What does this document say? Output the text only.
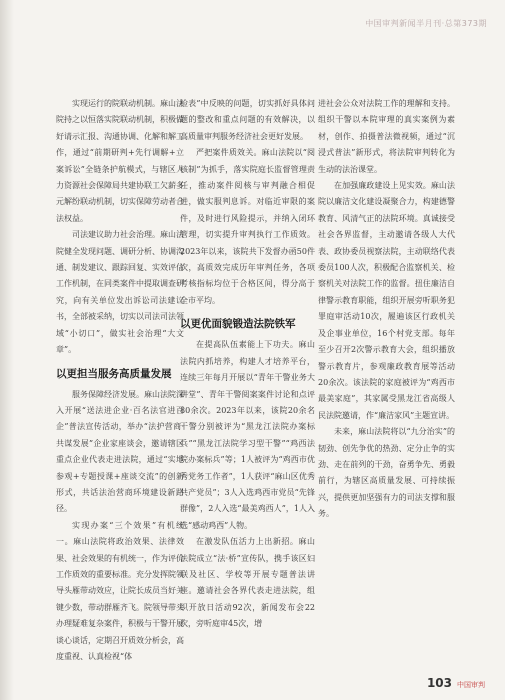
中国审判新闻半月刊·总第373期

实现运行的院联动机制。麻山法院持之以恒落实院联动机制，积极做好请示汇报、沟通协调、化解和解工作，通过“前期研判+先行调解+立案诉讼”全链条护航模式，与辖区人力资源社会保障局共建协联工欠薪多元解纷联动机制，切实保障劳动者合法权益。

司法建议助力社会治理。麻山法院健全发现问题、调研分析、协调沟通、制发建议、跟踪回复、实效评估工作机制，在同类案件中提取调查研究，向有关单位发出诉讼司法建议书，全部被采纳，切实以司法司法领域“小切口”，做实社会治理“大文章”。

以更担当服务高质量发展

服务保障经济发展。麻山法院深入开展“送法进企业·百名法官进百企”普法宣传活动，举办“法护营商·共谋发展”企业家座谈会，邀请辖区重点企业代表走进法院，通过“实地参观+专题授课+座谈交流”的创新形式，共话法治营商环境建设新路径。

实现办案“三个效果”有机统一。麻山法院将政治效果、法律效果、社会效果的有机统一，作为评价工作质效的重要标准。充分发挥院领导头雁带动效应，让院长成员当好关键少数，带动群雁齐飞。院领导带头办理疑难复杂案件，积极与干警开展谈心谈话，定期召开质效分析会，高度重视、认真检视“体

检表”中反映的问题，切实抓好具体问题的整改和重点问题的有效解决，以高质量审判服务经济社会更好发展。

严把案件质效关。麻山法院以“阅核制”为抓手，落实院庭长监督管理责任，推动案件阅核与审判融合相促进，做实服判息诉。对临近审限的案件，及时进行风险提示，并纳入闭环管理，切实提升审判执行工作质效。2023年以来，该院共下发督办函50件次，高质效完成历年审判任务，各项考核指标均位于合格区间，得分高于全市平均。

以更优面貌锻造法院铁军

在提高队伍素能上下功夫。麻山法院内抓培养，构建人才培养平台，连续三年每月开展以“青年干警业务大讲堂”、青年干警阅案案件讨论和点评80余次。2023年以来，该院20余名干警分别被评为“黑龙江法院办案标兵”“黑龙江法院学习型干警”“鸡西法院办案标兵”等；1人被评为“鸡西市优秀党务工作者”，1人获评“麻山区优秀共产党员”；3人入选鸡西市党员“先锋群像”，2人入选“最美鸡西人”，1人入选“感动鸡西”人物。

在激发队伍活力上出新招。麻山法院成立“法·桥”宣传队，携手该区妇联及社区、学校等开展专题普法讲座。邀请社会各界代表走进法院，组织开放日活动92次，新闻发布会22次，旁听庭审45次，增

进社会公众对法院工作的理解和支持。组织干警以本院审理的真实案例为素材，创作、拍摄普法微视频，通过“沉浸式普法”新形式，将法院审判转化为生动的法治课堂。

在加强廉政建设上见实效。麻山法院以廉洁文化建设凝聚合力，构建德警教育、风清气正的法院环境。真诚接受社会各界监督，主动邀请各级人大代表、政协委员视察法院，主动联络代表委员100人次，积极配合监察机关、检察机关对法院工作的监督。扭住廉洁自律警示教育职能，组织开展旁听职务犯罪庭审活动10次，履遍该区行政机关及企事业单位，16个村党支部。每年至少召开2次警示教育大会，组织播放警示教育片，参观廉政教育展等活动20余次。该法院的家庭被评为“鸡西市最美家庭”，其家属受黑龙江省高级人民法院邀请，作“廉洁家风”主题宣讲。

未来，麻山法院将以“九分治实”的韧劲、创先争优的热劲、定分止争的实劲、走在前列的干劲，奋勇争先、勇毅前行，为辖区高质量发展、可持续振兴，提供更加坚强有力的司法支撑和服务。

103 中国审判
